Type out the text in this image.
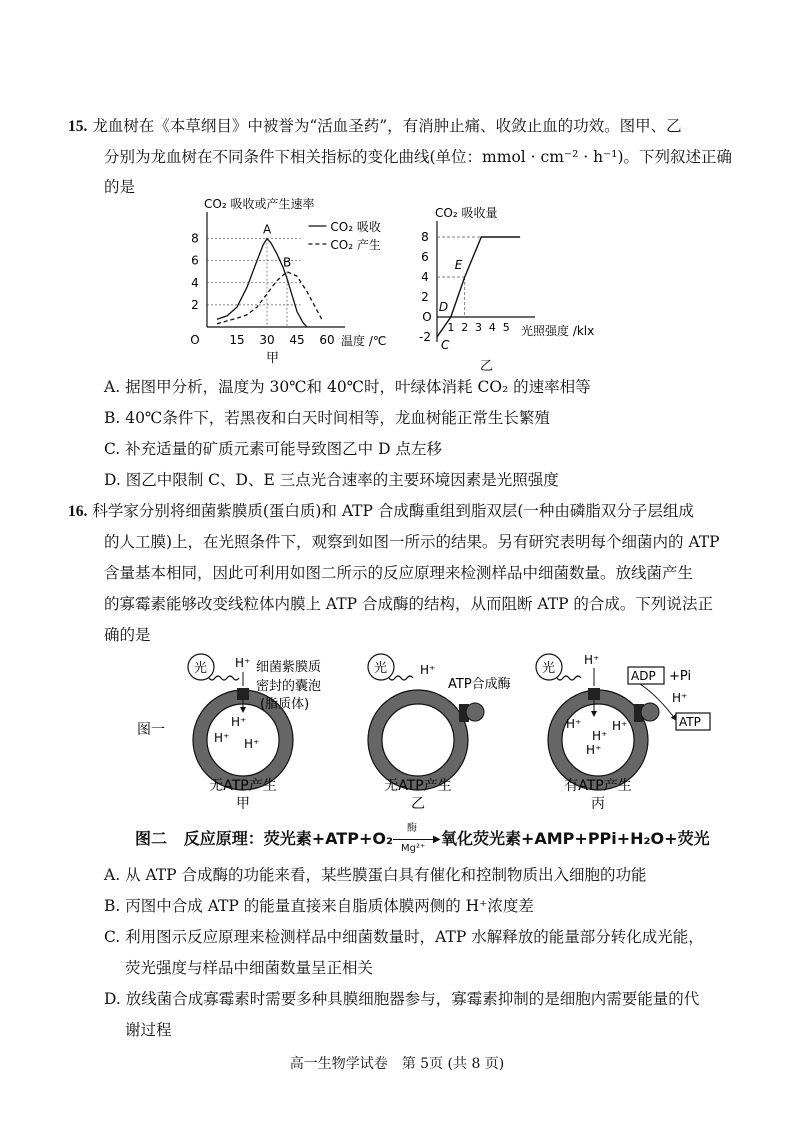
15. 龙血树在《本草纲目》中被誉为“活血圣药”，有消肿止痛、收敛止血的功效。图甲、乙
分别为龙血树在不同条件下相关指标的变化曲线(单位：mmol · cm⁻² · h⁻¹)。下列叙述正确
的是
CO₂ 吸收或产生速率
温度 /℃
O 15 30 45 60
2
4
6
8
CO₂ 吸收
CO₂ 产生
A
B
甲
CO₂ 吸收量
光照强度 /klx
O
1 2 3 4 5
-2
2
4
6
8
C
D
E
乙
A. 据图甲分析，温度为 30℃和 40℃时，叶绿体消耗 CO₂ 的速率相等
B. 40℃条件下，若黑夜和白天时间相等，龙血树能正常生长繁殖
C. 补充适量的矿质元素可能导致图乙中 D 点左移
D. 图乙中限制 C、D、E 三点光合速率的主要环境因素是光照强度
16. 科学家分别将细菌紫膜质(蛋白质)和 ATP 合成酶重组到脂双层(一种由磷脂双分子层组成
的人工膜)上，在光照条件下，观察到如图一所示的结果。另有研究表明每个细菌内的 ATP
含量基本相同，因此可利用如图二所示的反应原理来检测样品中细菌数量。放线菌产生
的寡霉素能够改变线粒体内膜上 ATP 合成酶的结构，从而阻断 ATP 的合成。下列说法正
确的是
图一
光 H⁺ 细菌紫膜质
密封的囊泡
(脂质体)
H⁺
H⁺ H⁺
无ATP产生
甲
光	H⁺
ATP合成酶
无ATP产生
乙
光
H⁺
ADP +Pi
H⁺
ATP
H⁺
H⁺
H⁺
H⁺
有ATP产生
丙
图二 反应原理：荧光素+ATP+O₂
酶
▶
Mg²⁺ 氧化荧光素+AMP+PPi+H₂O+荧光
A. 从 ATP 合成酶的功能来看，某些膜蛋白具有催化和控制物质出入细胞的功能
B. 丙图中合成 ATP 的能量直接来自脂质体膜两侧的 H⁺浓度差
C. 利用图示反应原理来检测样品中细菌数量时，ATP 水解释放的能量部分转化成光能，
荧光强度与样品中细菌数量呈正相关
D. 放线菌合成寡霉素时需要多种具膜细胞器参与，寡霉素抑制的是细胞内需要能量的代
谢过程
高一生物学试卷　第 5页 (共 8 页)
